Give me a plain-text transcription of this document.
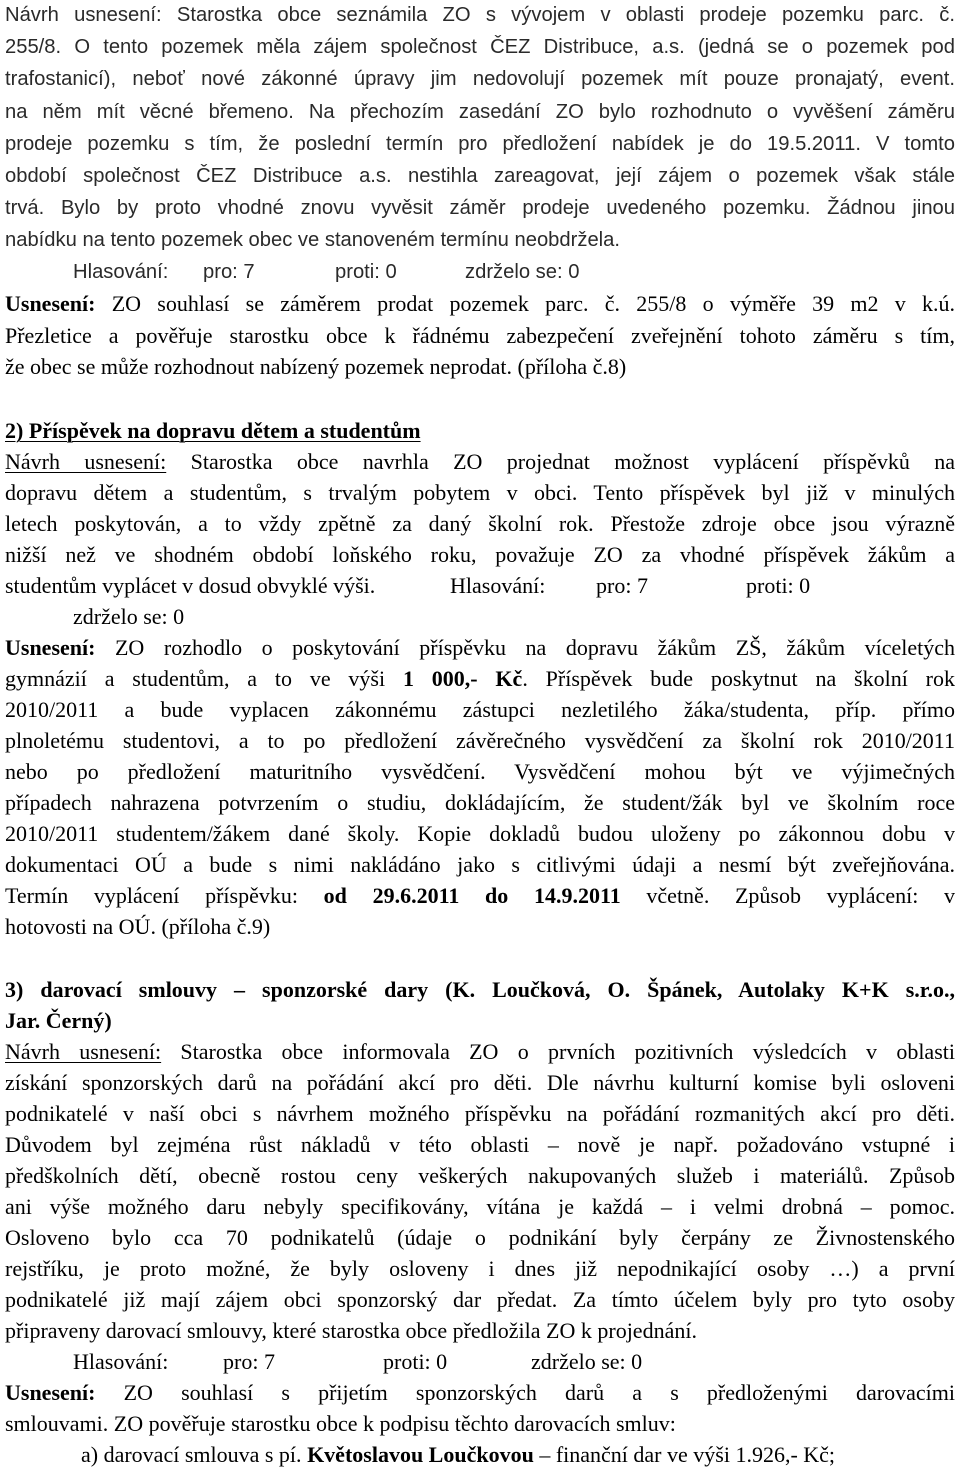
Návrh usnesení: Starostka obce seznámila ZO s vývojem v oblasti prodeje pozemku parc. č.
255/8. O tento pozemek měla zájem společnost ČEZ Distribuce, a.s. (jedná se o pozemek pod
trafostanicí), neboť nové zákonné úpravy jim nedovolují pozemek mít pouze pronajatý, event.
na něm mít věcné břemeno. Na přechozím zasedání ZO bylo rozhodnuto o vyvěšení záměru
prodeje pozemku s tím, že poslední termín pro předložení nabídek je do 19.5.2011. V tomto
období společnost ČEZ Distribuce a.s. nestihla zareagovat, její zájem o pozemek však stále
trvá. Bylo by proto vhodné znovu vyvěsit záměr prodeje uvedeného pozemku. Žádnou jinou
nabídku na tento pozemek obec ve stanoveném termínu neobdržela.
Hlasování: pro: 7	proti: 0	zdrželo se: 0
Usnesení: ZO souhlasí se záměrem prodat pozemek parc. č. 255/8 o výměře 39 m2 v k.ú.
Přezletice a pověřuje starostku obce k řádnému zabezpečení zveřejnění tohoto záměru s tím,
že obec se může rozhodnout nabízený pozemek neprodat. (příloha č.8)
2) Příspěvek na dopravu dětem a studentům
Návrh usnesení: Starostka obce navrhla ZO projednat možnost vyplácení příspěvků na
dopravu dětem a studentům, s trvalým pobytem v obci. Tento příspěvek byl již v minulých
letech poskytován, a to vždy zpětně za daný školní rok. Přestože zdroje obce jsou výrazně
nižší než ve shodném období loňského roku, považuje ZO za vhodné příspěvek žákům a
studentům vyplácet v dosud obvyklé výši.	Hlasování: pro: 7	proti: 0
zdrželo se: 0
Usnesení: ZO rozhodlo o poskytování příspěvku na dopravu žákům ZŠ, žákům víceletých
gymnázií a studentům, a to ve výši 1 000,- Kč. Příspěvek bude poskytnut na školní rok
2010/2011 a bude vyplacen zákonnému zástupci nezletilého žáka/studenta, příp. přímo
plnoletému studentovi, a to po předložení závěrečného vysvědčení za školní rok 2010/2011
nebo po předložení maturitního vysvědčení. Vysvědčení mohou být ve výjimečných
případech nahrazena potvrzením o studiu, dokládajícím, že student/žák byl ve školním roce
2010/2011 studentem/žákem dané školy. Kopie dokladů budou uloženy po zákonnou dobu v
dokumentaci OÚ a bude s nimi nakládáno jako s citlivými údaji a nesmí být zveřejňována.
Termín vyplácení příspěvku: od 29.6.2011 do 14.9.2011 včetně. Způsob vyplácení: v
hotovosti na OÚ. (příloha č.9)
3) darovací smlouvy – sponzorské dary (K. Loučková, O. Špánek, Autolaky K+K s.r.o.,
Jar. Černý)
Návrh usnesení: Starostka obce informovala ZO o prvních pozitivních výsledcích v oblasti
získání sponzorských darů na pořádání akcí pro děti. Dle návrhu kulturní komise byli osloveni
podnikatelé v naší obci s návrhem možného příspěvku na pořádání rozmanitých akcí pro děti.
Důvodem byl zejména růst nákladů v této oblasti – nově je např. požadováno vstupné i
předškolních dětí, obecně rostou ceny veškerých nakupovaných služeb i materiálů. Způsob
ani výše možného daru nebyly specifikovány, vítána je každá – i velmi drobná – pomoc.
Osloveno bylo cca 70 podnikatelů (údaje o podnikání byly čerpány ze Živnostenského
rejstříku, je proto možné, že byly osloveny i dnes již nepodnikající osoby …) a první
podnikatelé již mají zájem obci sponzorský dar předat. Za tímto účelem byly pro tyto osoby
připraveny darovací smlouvy, které starostka obce předložila ZO k projednání.
Hlasování: pro: 7	proti: 0	zdrželo se: 0
Usnesení: ZO souhlasí s přijetím sponzorských darů a s předloženými darovacími
smlouvami. ZO pověřuje starostku obce k podpisu těchto darovacích smluv:
a) darovací smlouva s pí. Květoslavou Loučkovou – finanční dar ve výši 1.926,- Kč;
